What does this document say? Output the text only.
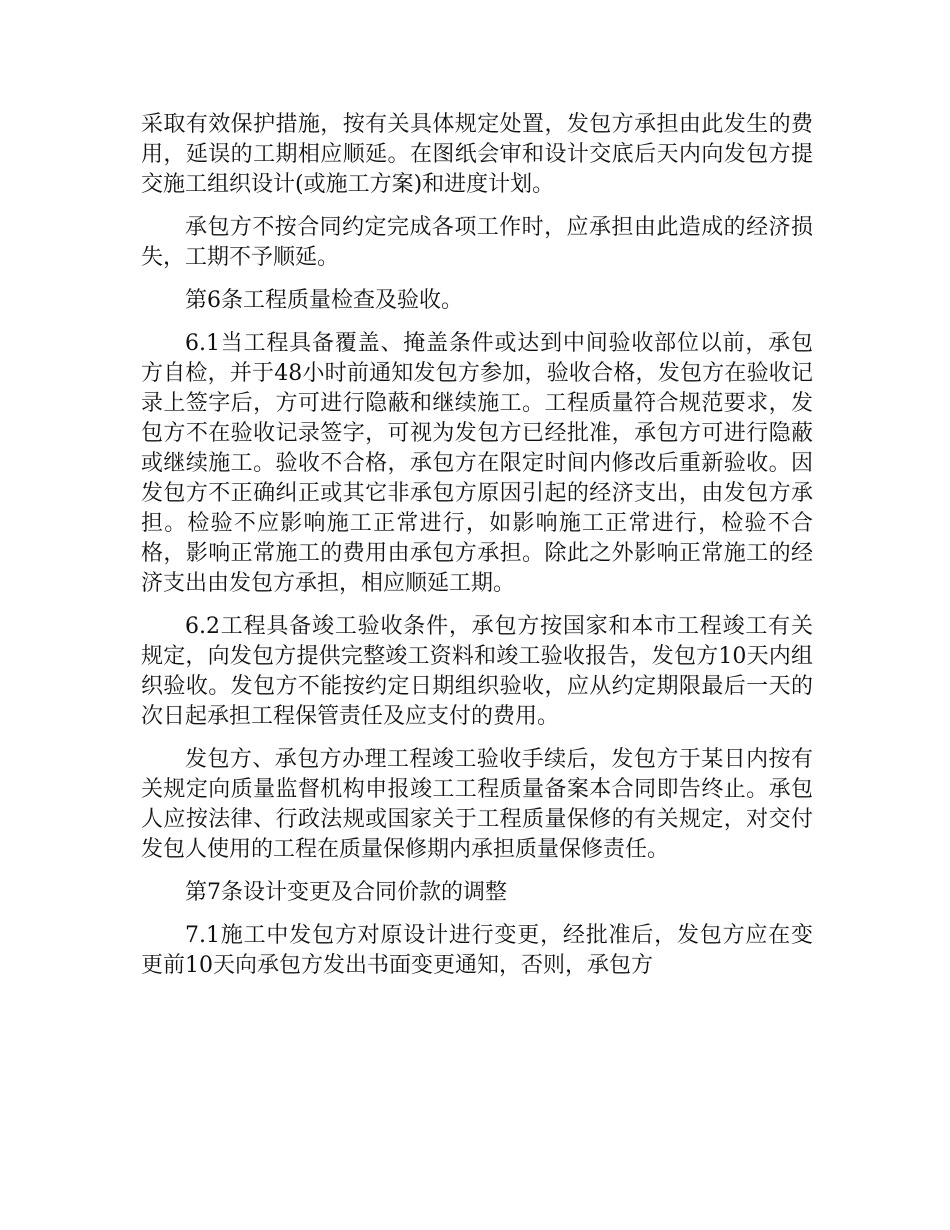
采取有效保护措施，按有关具体规定处置，发包方承担由此发生的费用，延误的工期相应顺延。在图纸会审和设计交底后天内向发包方提交施工组织设计(或施工方案)和进度计划。

承包方不按合同约定完成各项工作时，应承担由此造成的经济损失，工期不予顺延。

第6条工程质量检查及验收。

6.1当工程具备覆盖、掩盖条件或达到中间验收部位以前，承包方自检，并于48小时前通知发包方参加，验收合格，发包方在验收记录上签字后，方可进行隐蔽和继续施工。工程质量符合规范要求，发包方不在验收记录签字，可视为发包方已经批准，承包方可进行隐蔽或继续施工。验收不合格，承包方在限定时间内修改后重新验收。因发包方不正确纠正或其它非承包方原因引起的经济支出，由发包方承担。检验不应影响施工正常进行，如影响施工正常进行，检验不合格，影响正常施工的费用由承包方承担。除此之外影响正常施工的经济支出由发包方承担，相应顺延工期。

6.2工程具备竣工验收条件，承包方按国家和本市工程竣工有关规定，向发包方提供完整竣工资料和竣工验收报告，发包方10天内组织验收。发包方不能按约定日期组织验收，应从约定期限最后一天的次日起承担工程保管责任及应支付的费用。

发包方、承包方办理工程竣工验收手续后，发包方于某日内按有关规定向质量监督机构申报竣工工程质量备案本合同即告终止。承包人应按法律、行政法规或国家关于工程质量保修的有关规定，对交付发包人使用的工程在质量保修期内承担质量保修责任。

第7条设计变更及合同价款的调整

7.1施工中发包方对原设计进行变更，经批准后，发包方应在变更前10天向承包方发出书面变更通知，否则，承包方
